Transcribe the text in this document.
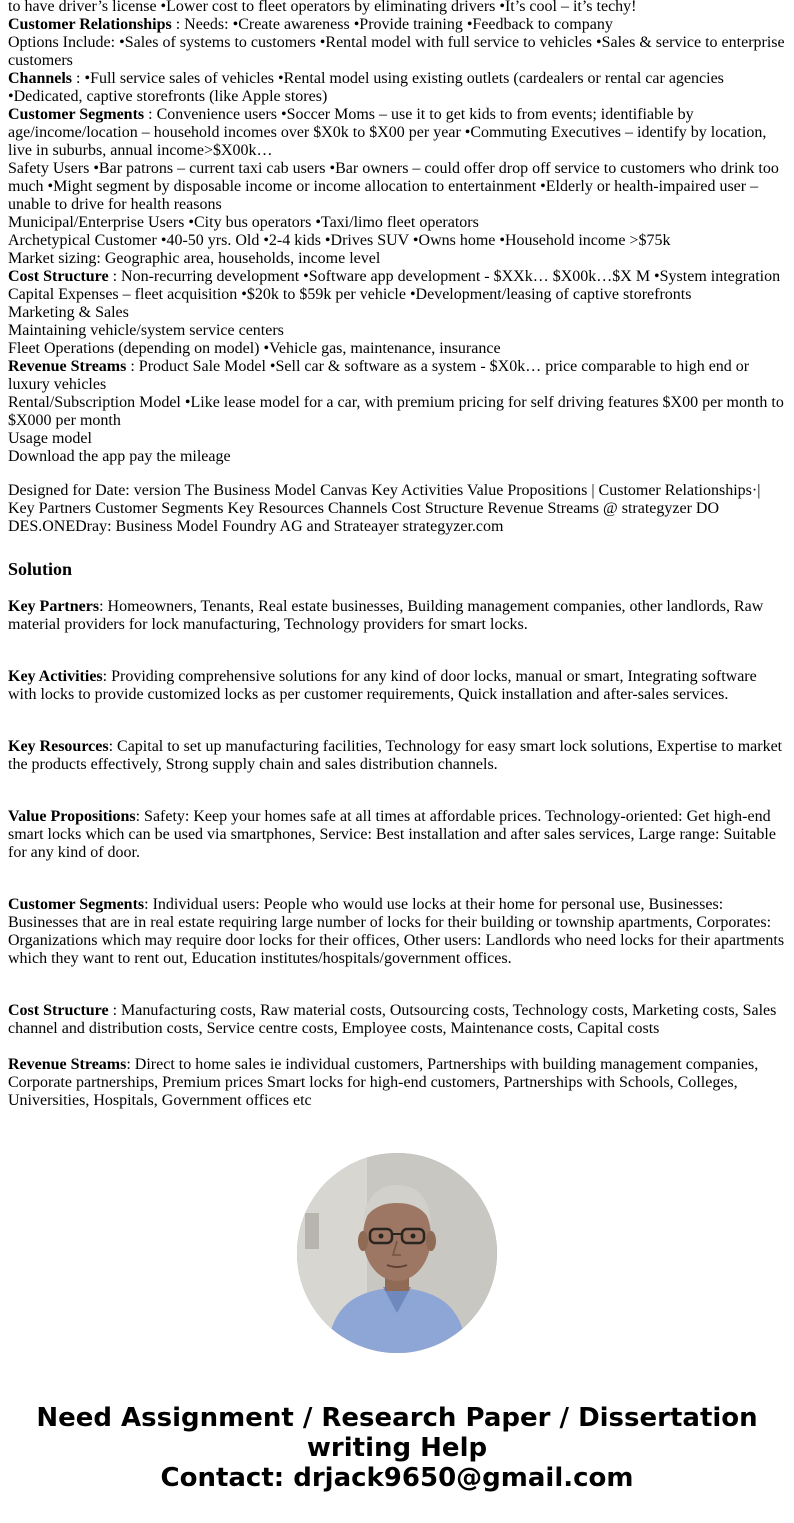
to have driver’s license •Lower cost to fleet operators by eliminating drivers •It’s cool – it’s techy!

Customer Relationships : Needs: •Create awareness •Provide training •Feedback to company

Options Include: •Sales of systems to customers •Rental model with full service to vehicles •Sales & service to enterprise customers

Channels : •Full service sales of vehicles •Rental model using existing outlets (cardealers or rental car agencies •Dedicated, captive storefronts (like Apple stores)

Customer Segments : Convenience users •Soccer Moms – use it to get kids to from events; identifiable by age/income/location – household incomes over $X0k to $X00 per year •Commuting Executives – identify by location, live in suburbs, annual income>$X00k…

Safety Users •Bar patrons – current taxi cab users •Bar owners – could offer drop off service to customers who drink too much •Might segment by disposable income or income allocation to entertainment •Elderly or health-impaired user – unable to drive for health reasons

Municipal/Enterprise Users •City bus operators •Taxi/limo fleet operators

Archetypical Customer •40-50 yrs. Old •2-4 kids •Drives SUV •Owns home •Household income >$75k

Market sizing: Geographic area, households, income level

Cost Structure : Non-recurring development •Software app development - $XXk… $X00k…$X M •System integration

Capital Expenses – fleet acquisition •$20k to $59k per vehicle •Development/leasing of captive storefronts

Marketing & Sales

Maintaining vehicle/system service centers

Fleet Operations (depending on model) •Vehicle gas, maintenance, insurance

Revenue Streams : Product Sale Model •Sell car & software as a system - $X0k… price comparable to high end or luxury vehicles

Rental/Subscription Model •Like lease model for a car, with premium pricing for self driving features $X00 per month to $X000 per month

Usage model

Download the app pay the mileage

Designed for Date: version The Business Model Canvas Key Activities Value Propositions | Customer Relationships·| Key Partners Customer Segments Key Resources Channels Cost Structure Revenue Streams @ strategyzer DO DES.ONEDray: Business Model Foundry AG and Strateayer strategyzer.com

Solution

Key Partners: Homeowners, Tenants, Real estate businesses, Building management companies, other landlords, Raw material providers for lock manufacturing, Technology providers for smart locks.

Key Activities: Providing comprehensive solutions for any kind of door locks, manual or smart, Integrating software with locks to provide customized locks as per customer requirements, Quick installation and after-sales services.

Key Resources: Capital to set up manufacturing facilities, Technology for easy smart lock solutions, Expertise to market the products effectively, Strong supply chain and sales distribution channels.

Value Propositions: Safety: Keep your homes safe at all times at affordable prices. Technology-oriented: Get high-end smart locks which can be used via smartphones, Service: Best installation and after sales services, Large range: Suitable for any kind of door.

Customer Segments: Individual users: People who would use locks at their home for personal use, Businesses: Businesses that are in real estate requiring large number of locks for their building or township apartments, Corporates: Organizations which may require door locks for their offices, Other users: Landlords who need locks for their apartments which they want to rent out, Education institutes/hospitals/government offices.

Cost Structure : Manufacturing costs, Raw material costs, Outsourcing costs, Technology costs, Marketing costs, Sales channel and distribution costs, Service centre costs, Employee costs, Maintenance costs, Capital costs

Revenue Streams: Direct to home sales ie individual customers, Partnerships with building management companies, Corporate partnerships, Premium prices Smart locks for high-end customers, Partnerships with Schools, Colleges, Universities, Hospitals, Government offices etc

Need Assignment / Research Paper / Dissertation writing Help
Contact: drjack9650@gmail.com
